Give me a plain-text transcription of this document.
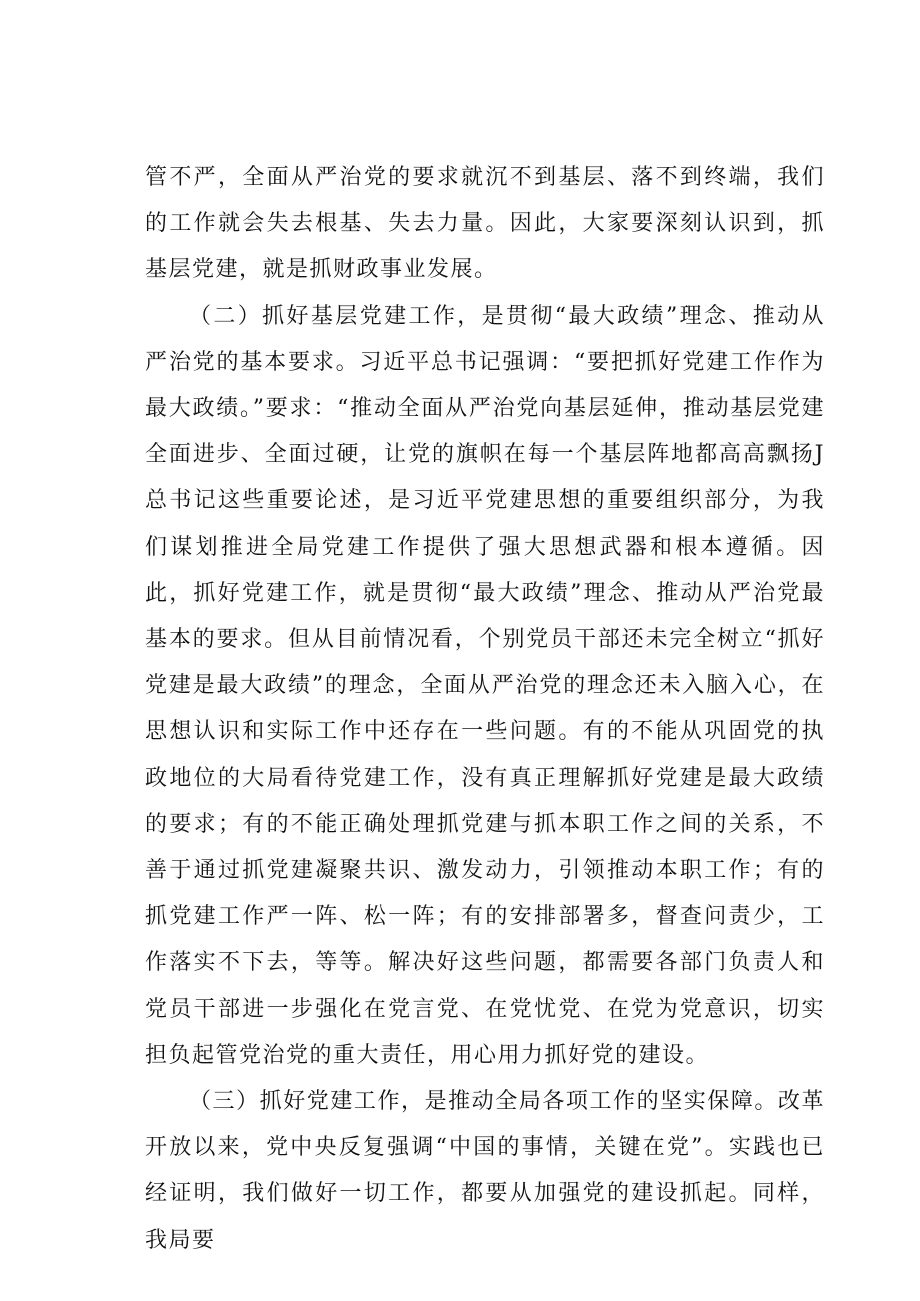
管不严，全面从严治党的要求就沉不到基层、落不到终端，我们的工作就会失去根基、失去力量。因此，大家要深刻认识到，抓基层党建，就是抓财政事业发展。

（二）抓好基层党建工作，是贯彻“最大政绩”理念、推动从严治党的基本要求。习近平总书记强调：“要把抓好党建工作作为最大政绩。”要求：“推动全面从严治党向基层延伸，推动基层党建全面进步、全面过硬，让党的旗帜在每一个基层阵地都高高飘扬J总书记这些重要论述，是习近平党建思想的重要组织部分，为我们谋划推进全局党建工作提供了强大思想武器和根本遵循。因此，抓好党建工作，就是贯彻“最大政绩”理念、推动从严治党最基本的要求。但从目前情况看，个别党员干部还未完全树立“抓好党建是最大政绩”的理念，全面从严治党的理念还未入脑入心，在思想认识和实际工作中还存在一些问题。有的不能从巩固党的执政地位的大局看待党建工作，没有真正理解抓好党建是最大政绩的要求；有的不能正确处理抓党建与抓本职工作之间的关系，不善于通过抓党建凝聚共识、激发动力，引领推动本职工作；有的抓党建工作严一阵、松一阵；有的安排部署多，督查问责少，工作落实不下去，等等。解决好这些问题，都需要各部门负责人和党员干部进一步强化在党言党、在党忧党、在党为党意识，切实担负起管党治党的重大责任，用心用力抓好党的建设。

（三）抓好党建工作，是推动全局各项工作的坚实保障。改革开放以来，党中央反复强调“中国的事情，关键在党”。实践也已经证明，我们做好一切工作，都要从加强党的建设抓起。同样，我局要
